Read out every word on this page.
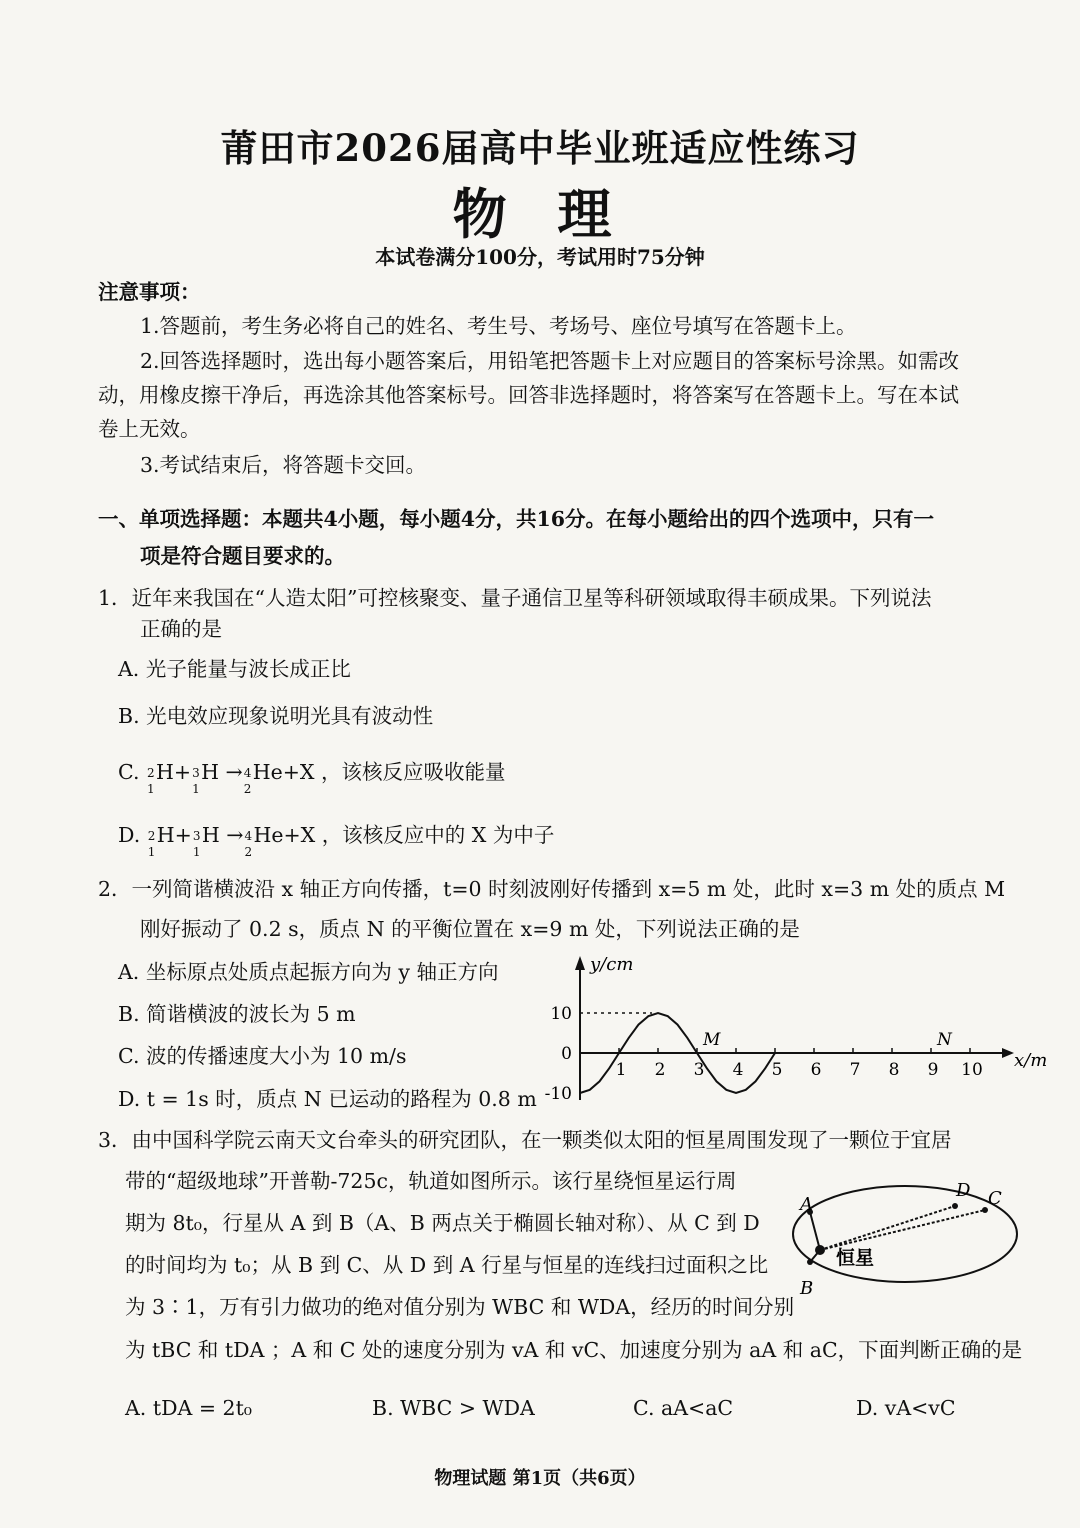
莆田市2026届高中毕业班适应性练习
物 理
本试卷满分100分，考试用时75分钟
注意事项：
1.答题前，考生务必将自己的姓名、考生号、考场号、座位号填写在答题卡上。
2.回答选择题时，选出每小题答案后，用铅笔把答题卡上对应题目的答案标号涂黑。如需改
动，用橡皮擦干净后，再选涂其他答案标号。回答非选择题时，将答案写在答题卡上。写在本试
卷上无效。
3.考试结束后，将答题卡交回。
一、单项选择题：本题共4小题，每小题4分，共16分。在每小题给出的四个选项中，只有一
项是符合题目要求的。
1．近年来我国在“人造太阳”可控核聚变、量子通信卫星等科研领域取得丰硕成果。下列说法
正确的是
A. 光子能量与波长成正比
B. 光电效应现象说明光具有波动性
C. 2
1
H+ 3
1
H → 4
2
He+X ，该核反应吸收能量
D. 2
1
H+ 3
1
H → 4
2
He+X ，该核反应中的 X 为中子
2．一列简谐横波沿 x 轴正方向传播，t=0 时刻波刚好传播到 x=5 m 处，此时 x=3 m 处的质点 M
刚好振动了 0.2 s，质点 N 的平衡位置在 x=9 m 处，下列说法正确的是
A. 坐标原点处质点起振方向为 y 轴正方向
B. 简谐横波的波长为 5 m
C. 波的传播速度大小为 10 m/s
D. t = 1s 时，质点 N 已运动的路程为 0.8 m
y/cm
x/m
1 2 3 4 5 6 7 8 9 10
10
0
-10
M	N
3．由中国科学院云南天文台牵头的研究团队，在一颗类似太阳的恒星周围发现了一颗位于宜居
带的“超级地球”开普勒-725c，轨道如图所示。该行星绕恒星运行周
期为 8t₀，行星从 A 到 B（A、B 两点关于椭圆长轴对称）、从 C 到 D
的时间均为 t₀；从 B 到 C、从 D 到 A 行星与恒星的连线扫过面积之比
为 3∶1，万有引力做功的绝对值分别为 WBC 和 WDA，经历的时间分别
为 tBC 和 tDA ；A 和 C 处的速度分别为 vA 和 vC、加速度分别为 aA 和 aC，下面判断正确的是
A
B
C
D
恒星
A. tDA = 2t₀	B. WBC > WDA	C. aA<aC	D. vA<vC
物理试题 第1页（共6页）
